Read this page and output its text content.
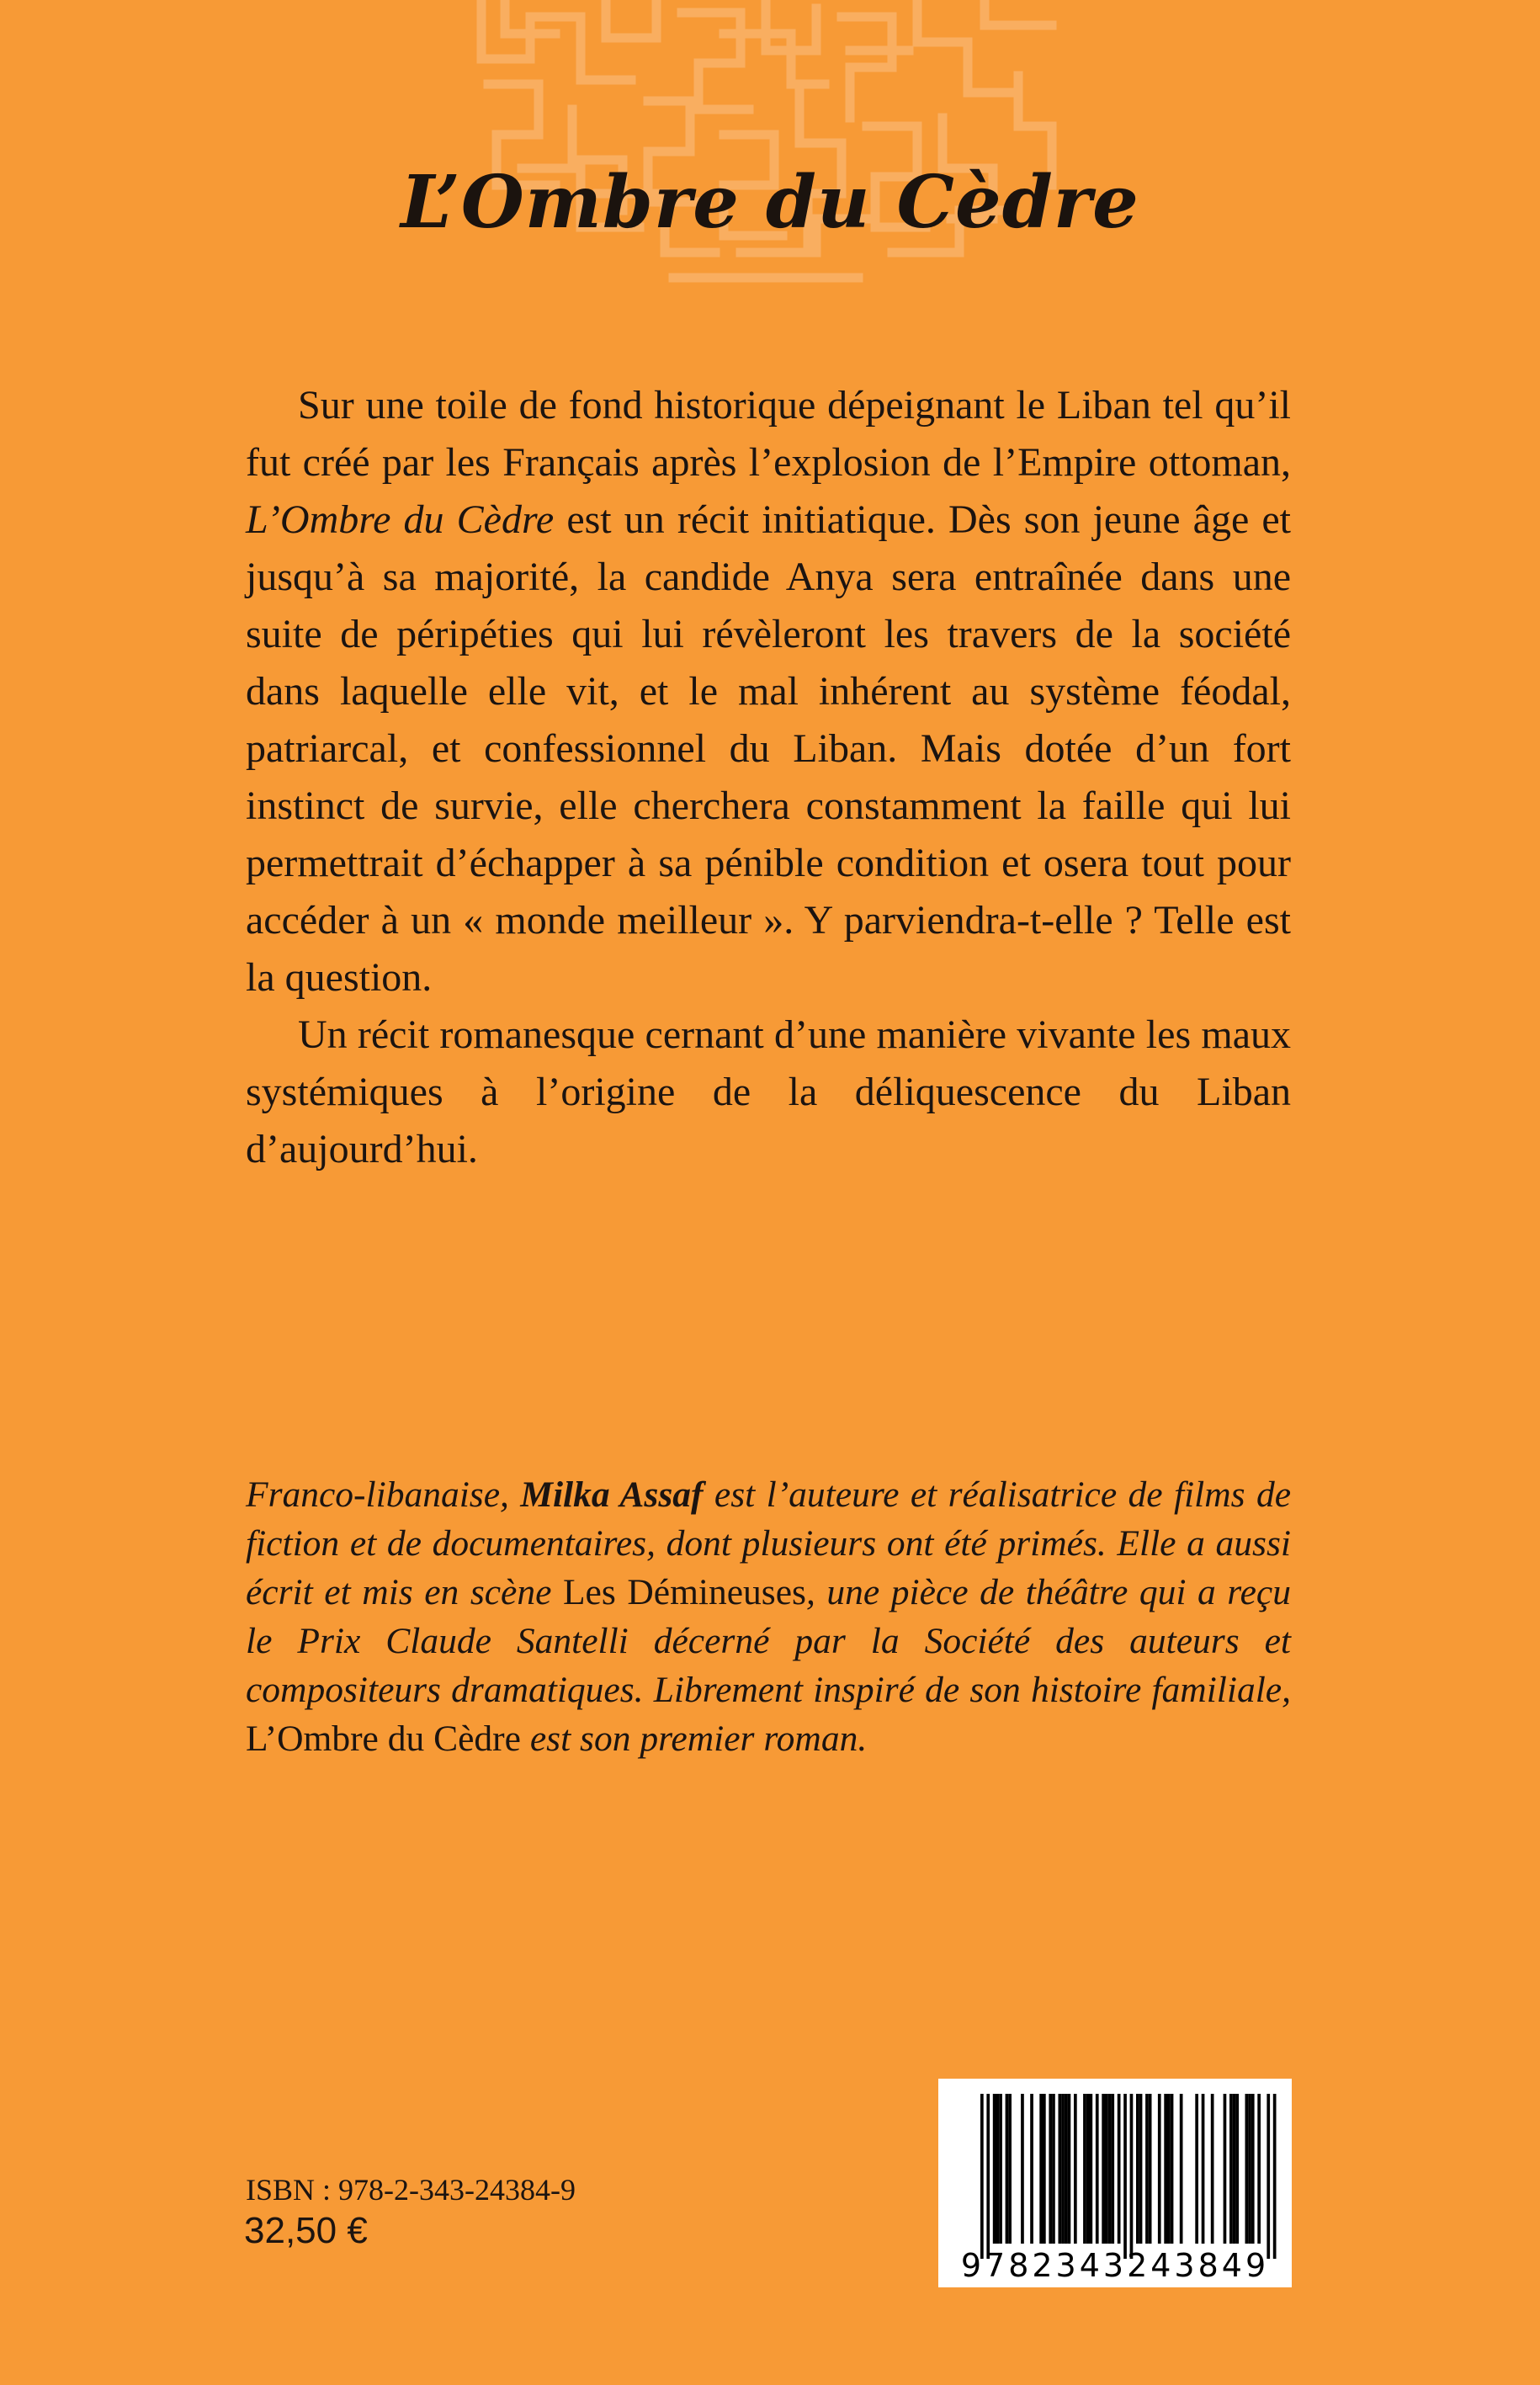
L’Ombre du Cèdre

Sur une toile de fond historique dépeignant le Liban tel qu’il fut créé par les Français après l’explosion de l’Empire ottoman, L’Ombre du Cèdre est un récit initiatique. Dès son jeune âge et jusqu’à sa majorité, la candide Anya sera entraînée dans une suite de péripéties qui lui révèleront les travers de la société dans laquelle elle vit, et le mal inhérent au système féodal, patriarcal, et confessionnel du Liban. Mais dotée d’un fort instinct de survie, elle cherchera constamment la faille qui lui permettrait d’échapper à sa pénible condition et osera tout pour accéder à un « monde meilleur ». Y parviendra-t-elle ? Telle est la question.

Un récit romanesque cernant d’une manière vivante les maux systémiques à l’origine de la déliquescence du Liban d’aujourd’hui.

Franco-libanaise, Milka Assaf est l’auteure et réalisatrice de films de fiction et de documentaires, dont plusieurs ont été primés. Elle a aussi écrit et mis en scène Les Démineuses, une pièce de théâtre qui a reçu le Prix Claude Santelli décerné par la Société des auteurs et compositeurs dramatiques. Librement inspiré de son histoire familiale, L’Ombre du Cèdre est son premier roman.

ISBN : 978-2-343-24384-9
32,50 €
9782343243849
